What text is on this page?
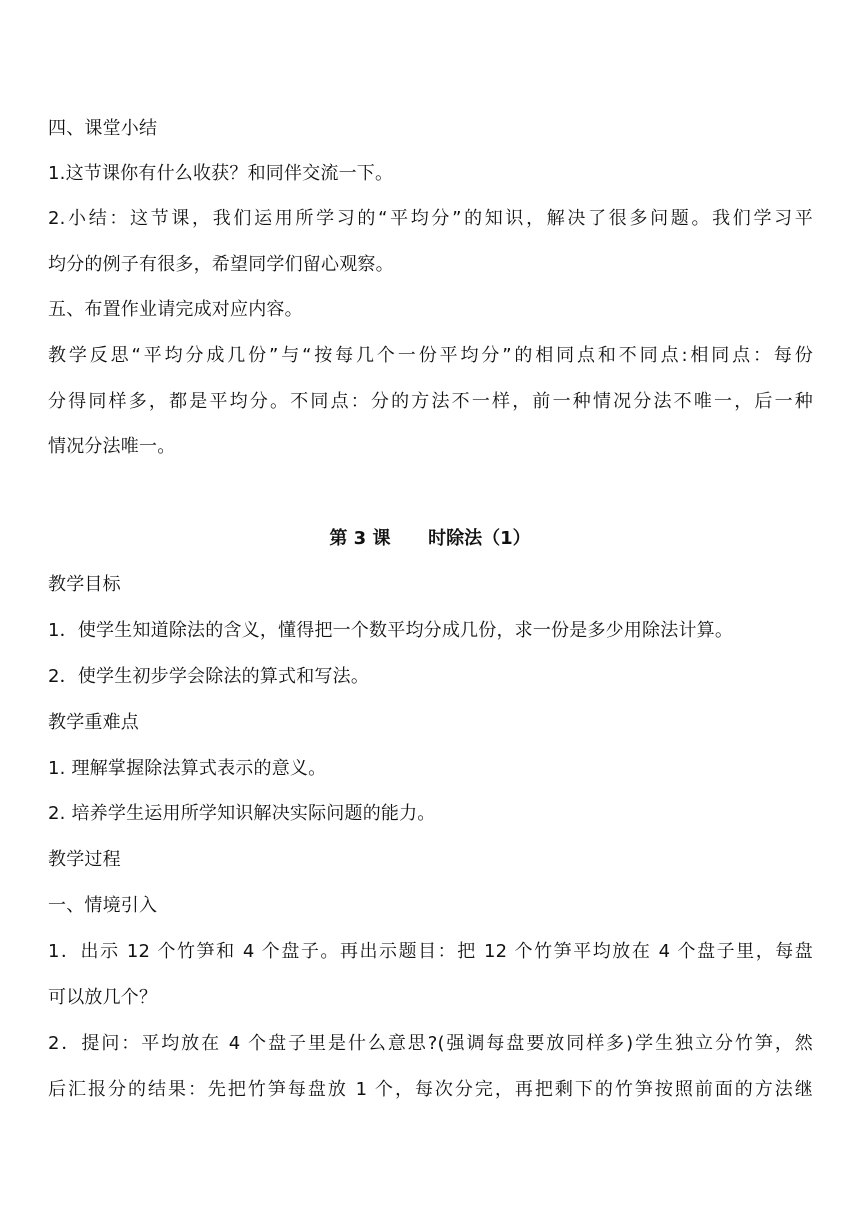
四、课堂小结
1.这节课你有什么收获？和同伴交流一下。
2.小结：这节课，我们运用所学习的“平均分”的知识，解决了很多问题。我们学习平
均分的例子有很多，希望同学们留心观察。
五、布置作业请完成对应内容。
教学反思“平均分成几份”与“按每几个一份平均分”的相同点和不同点:相同点：每份
分得同样多，都是平均分。不同点：分的方法不一样，前一种情况分法不唯一，后一种
情况分法唯一。
第 3 课      时除法（1）
教学目标
1．使学生知道除法的含义，懂得把一个数平均分成几份，求一份是多少用除法计算。
2．使学生初步学会除法的算式和写法。
教学重难点
1. 理解掌握除法算式表示的意义。
2. 培养学生运用所学知识解决实际问题的能力。
教学过程
一、情境引入
1．出示 12 个竹笋和 4 个盘子。再出示题目：把 12 个竹笋平均放在 4 个盘子里，每盘
可以放几个？
2．提问：平均放在 4 个盘子里是什么意思?(强调每盘要放同样多)学生独立分竹笋，然
后汇报分的结果：先把竹笋每盘放 1 个，每次分完，再把剩下的竹笋按照前面的方法继
